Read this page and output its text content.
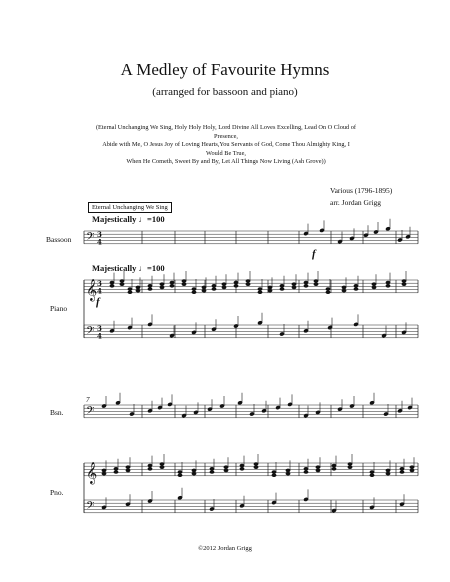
A Medley of Favourite Hymns
(arranged for bassoon and piano)
(Eternal Unchanging We Sing, Holy Holy Holy, Lord Divine All Loves Excelling, Lead On O Cloud of Presence,
Abide with Me, O Jesus Joy of Loving Hearts,You Servants of God, Come Thou Almighty King, I Would Be True,
When He Cometh, Sweet By and By, Let All Things Now Living (Ash Grove))
Various (1796-1895)
arr. Jordan Grigg
Eternal Unchanging We Sing
Majestically ♩=100
Majestically ♩=100
Bassoon
Piano
Bsn.
Pno.
7
f
f
𝄢
𝄞
𝄢
3
4
3
4
3
4
𝄢
𝄞
𝄢
©2012 Jordan Grigg
